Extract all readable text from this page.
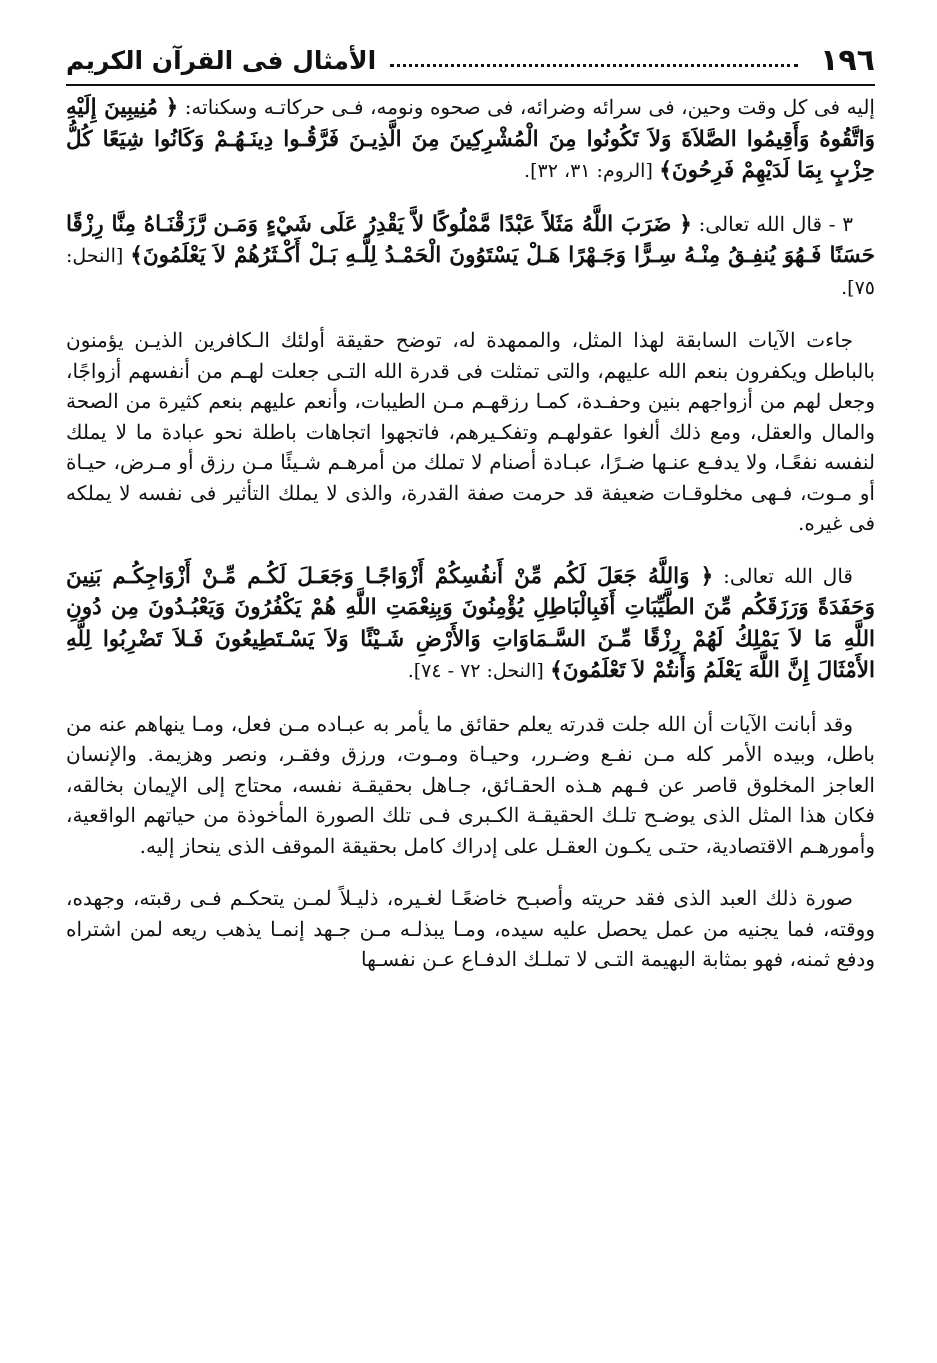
١٩٦
الأمثال فى القرآن الكريم

إليه فى كل وقت وحين، فى سرائه وضرائه، فى صحوه ونومه، فـى حركاتـه وسكناته: ﴿ مُنِيبِينَ إِلَيْهِ وَاتَّقُوهُ وَأَقِيمُوا الصَّلاَةَ وَلاَ تَكُونُوا مِنَ الْمُشْرِكِينَ مِنَ الَّذِيـنَ فَرَّقُـوا دِينَـهُـمْ وَكَانُوا شِيَعًا كُلُّ حِزْبٍ بِمَا لَدَيْهِمْ فَرِحُونَ﴾ [الروم: ٣١، ٣٢].

٣ - قال الله تعالى: ﴿ ضَرَبَ اللَّهُ مَثَلاً عَبْدًا مَّمْلُوكًا لاَّ يَقْدِرُ عَلَى شَيْءٍ وَمَـن رَّزَقْنَـاهُ مِنَّا رِزْقًا حَسَنًا فَـهُوَ يُنفِـقُ مِنْـهُ سِـرًّا وَجَـهْرًا هَـلْ يَسْتَوُونَ الْحَمْـدُ لِلَّـهِ بَـلْ أَكْـثَرُهُمْ لاَ يَعْلَمُونَ﴾ [النحل: ٧٥].

جاءت الآيات السابقة لهذا المثل، والممهدة له، توضح حقيقة أولئك الـكافرين الذيـن يؤمنون بالباطل ويكفرون بنعم الله عليهم، والتى تمثلت فى قدرة الله التـى جعلت لهـم من أنفسهم أزواجًا، وجعل لهم من أزواجهم بنين وحفـدة، كمـا رزقهـم مـن الطيبات، وأنعم عليهم بنعم كثيرة من الصحة والمال والعقل، ومع ذلك ألغوا عقولهـم وتفكـيرهم، فاتجهوا اتجاهات باطلة نحو عبادة ما لا يملك لنفسه نفعًـا، ولا يدفـع عنـها ضـرًا، عبـادة أصنام لا تملك من أمرهـم شـيئًا مـن رزق أو مـرض، حيـاة أو مـوت، فـهى مخلوقـات ضعيفة قد حرمت صفة القدرة، والذى لا يملك التأثير فى نفسه لا يملكه فى غيره.

قال الله تعالى: ﴿ وَاللَّهُ جَعَلَ لَكُم مِّنْ أَنفُسِكُمْ أَزْوَاجًـا وَجَعَـلَ لَكُـم مِّـنْ أَزْوَاجِكُـم بَنِينَ وَحَفَدَةً وَرَزَقَكُم مِّنَ الطَّيِّبَاتِ أَفَبِالْبَاطِلِ يُؤْمِنُونَ وَبِنِعْمَتِ اللَّهِ هُمْ يَكْفُرُونَ وَيَعْبُـدُونَ مِن دُونِ اللَّهِ مَا لاَ يَمْلِكُ لَهُمْ رِزْقًا مِّـنَ السَّـمَاوَاتِ وَالأَرْضِ شَـيْئًا وَلاَ يَسْـتَطِيعُونَ فَـلاَ تَضْرِبُوا لِلَّهِ الأَمْثَالَ إِنَّ اللَّهَ يَعْلَمُ وَأَنتُمْ لاَ تَعْلَمُونَ﴾ [النحل: ٧٢ - ٧٤].

وقد أبانت الآيات أن الله جلت قدرته يعلم حقائق ما يأمر به عبـاده مـن فعل، ومـا ينهاهم عنه من باطل، وبيده الأمر كله مـن نفـع وضـرر، وحيـاة ومـوت، ورزق وفقـر، ونصر وهزيمة. والإنسان العاجز المخلوق قاصر عن فـهم هـذه الحقـائق، جـاهل بحقيقـة نفسه، محتاج إلى الإيمان بخالقه، فكان هذا المثل الذى يوضـح تلـك الحقيقـة الكـبرى فـى تلك الصورة المأخوذة من حياتهم الواقعية، وأمورهـم الاقتصادية، حتـى يكـون العقـل على إدراك كامل بحقيقة الموقف الذى ينحاز إليه.

صورة ذلك العبد الذى فقد حريته وأصبـح خاضعًـا لغـيره، ذليـلاً لمـن يتحكـم فـى رقبته، وجهده، ووقته، فما يجنيه من عمل يحصل عليه سيده، ومـا يبذلـه مـن جـهد إنمـا يذهب ريعه لمن اشتراه ودفع ثمنه، فهو بمثابة البهيمة التـى لا تملـك الدفـاع عـن نفسـها
